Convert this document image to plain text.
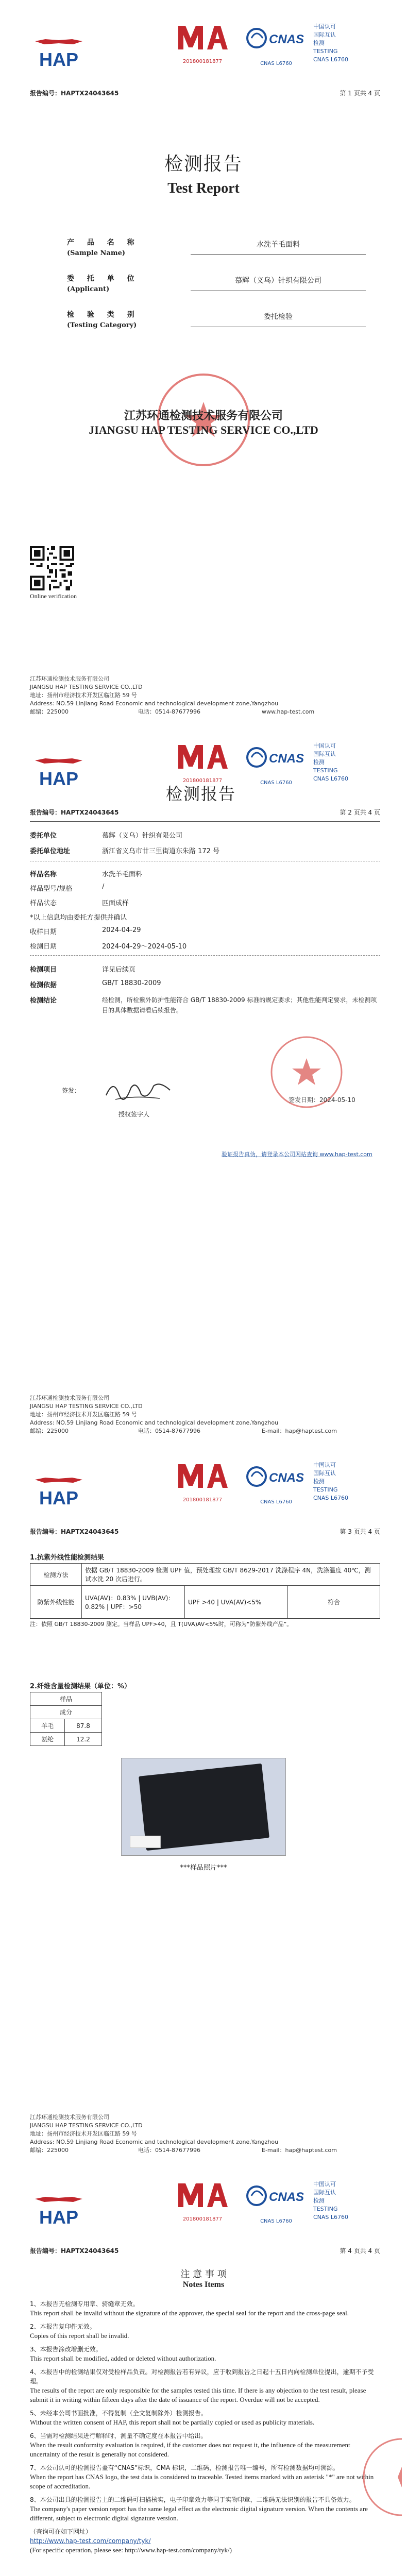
HAP	201800181877
CNAS
CNAS L6760
中国认可
国际互认
检测
TESTING
CNAS L6760
报告编号：HAPTX24043645	第 1 页共 4 页
检测报告
Test Report
产 品 名 称
(Sample Name)
水洗羊毛面料
委 托 单 位
(Applicant)
慕辉（义乌）针织有限公司
检 验 类 别
(Testing Category)
委托检验
江苏环通检测技术服务有限公司
JIANGSU HAP TESTING SERVICE CO.,LTD
Online verification
江苏环通检测技术服务有限公司
JIANGSU HAP TESTING SERVICE CO.,LTD
地址：扬州市经济技术开发区临江路 59 号
Address: NO.59 Linjiang Road Economic and technological development zone,Yangzhou
邮编：225000	电话：0514-87677996	www.hap-test.com
HAP	201800181877
CNAS
CNAS L6760
中国认可
国际互认
检测
TESTING
CNAS L6760
检测报告
报告编号：HAPTX24043645	第 2 页共 4 页
委托单位	慕辉（义乌）针织有限公司
委托单位地址	浙江省义乌市廿三里街道东朱路 172 号
样品名称	水洗羊毛面料
样品型号/规格	/
样品状态	匹面成样
*以上信息均由委托方提供并确认
收样日期	2024-04-29
检测日期	2024-04-29～2024-05-10
检测项目	详见后续页
检测依据	GB/T 18830-2009
检测结论	经检测，所检紫外防护性能符合 GB/T 18830-2009 标准的规定要求；其他性能判定要求，未检测项目的具体数据请看后续报告。
签发：
授权签字人
签发日期：2024-05-10
验证报告真伪，请登录本公司网站查询 www.hap-test.com
江苏环通检测技术服务有限公司
JIANGSU HAP TESTING SERVICE CO.,LTD
地址：扬州市经济技术开发区临江路 59 号
Address: NO.59 Linjiang Road Economic and technological development zone,Yangzhou
邮编：225000	电话：0514-87677996	E-mail：hap@haptest.com
HAP	201800181877
CNAS
CNAS L6760
中国认可
国际互认
检测
TESTING
CNAS L6760
报告编号：HAPTX24043645	第 3 页共 4 页
1.抗紫外线性能检测结果
检测方法	依据 GB/T 18830-2009 检测 UPF 值，预处理按 GB/T 8629-2017 洗涤程序 4N，洗涤温度 40℃，测试水洗 20 次后进行。		
防紫外线性能	UVA(AV)：0.83% | UVB(AV)：0.82% | UPF：>50	UPF >40 | UVA(AV)<5%	符合
注：依照 GB/T 18830-2009 测定。当样品 UPF>40，且 T(UVA)AV<5%时，可称为“防紫外线产品”。
2.纤维含量检测结果（单位：%）
样品	
成分	
羊毛	87.8
氨纶	12.2
***样品照片***
江苏环通检测技术服务有限公司
JIANGSU HAP TESTING SERVICE CO.,LTD
地址：扬州市经济技术开发区临江路 59 号
Address: NO.59 Linjiang Road Economic and technological development zone,Yangzhou
邮编：225000	电话：0514-87677996	E-mail：hap@haptest.com
HAP	201800181877
CNAS
CNAS L6760
中国认可
国际互认
检测
TESTING
CNAS L6760
报告编号：HAPTX24043645	第 4 页共 4 页
注 意 事 项
Notes Items
1、本报告无检测专用章、骑缝章无效。
This report shall be invalid without the signature of the approver, the special seal for the report and the cross-page seal.
2、本报告复印件无效。
Copies of this report shall be invalid.
3、本报告涂改增删无效。
This report shall be modified, added or deleted without authorization.
4、本报告中的检测结果仅对受检样品负责。对检测报告若有异议，应于收到报告之日起十五日内向检测单位提出，逾期不予受理。
The results of the report are only responsible for the samples tested this time. If there is any objection to the test result, please submit it in writing within fifteen days after the date of issuance of the report. Overdue will not be accepted.
5、未经本公司书面批准，不得复制（全文复制除外）检测报告。
Without the written consent of HAP, this report shall not be partially copied or used as publicity materials.
6、当需对检测结果进行解释时，测量不确定度在本报告中给出。
When the result conformity evaluation is required, if the customer does not request it, the influence of the measurement uncertainty of the result is generally not considered.
7、本公司认可的检测报告盖有“CNAS”标识，CMA 标识，二维码，检测报告唯一编号，所有检测数据均可溯源。
When the report has CNAS logo, the test data is considered to traceable. Tested items marked with an asterisk "*" are not within scope of accreditation.
8、本公司出具的检测报告上的二维码可扫描核实，电子印章效力等同于实物印章，二维码无法识别的报告不具备效力。
The company's paper version report has the same legal effect as the electronic digital signature version. When the contents are different, subject to electronic digital signature version.
（查询可在如下网址）
http://www.hap-test.com/company/tyk/
(For specific operation, please see: http://www.hap-test.com/company/tyk/)
